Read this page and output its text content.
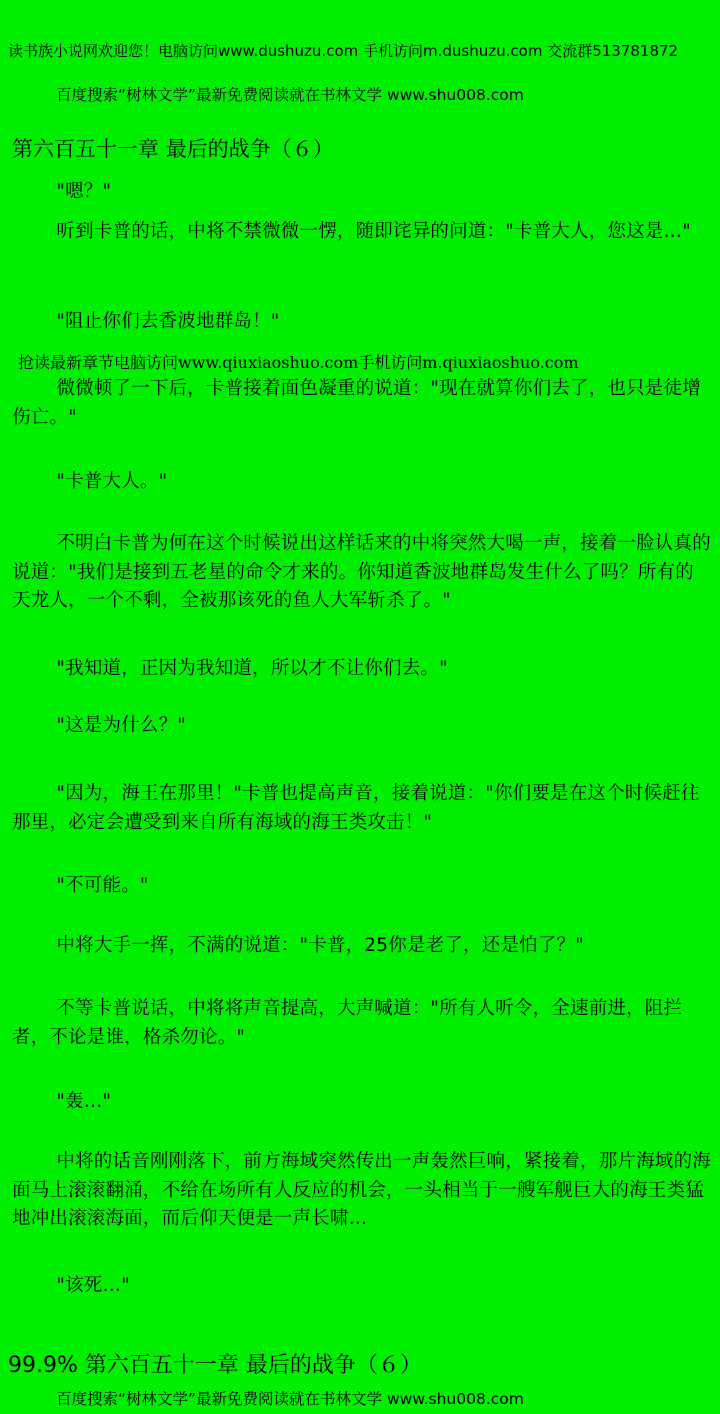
读书族小说网欢迎您！电脑访问www.dushuzu.com 手机访问m.dushuzu.com 交流群513781872
百度搜索“树林文学”最新免费阅读就在书林文学 www.shu008.com
第六百五十一章 最后的战争（６）

"嗯？"

听到卡普的话，中将不禁微微一愣，随即诧异的问道："卡普大人，您这是…"

"阻止你们去香波地群岛！"

抢读最新章节电脑访问www.qiuxiaoshuo.com手机访问m.qiuxiaoshuo.com

微微顿了一下后，卡普接着面色凝重的说道："现在就算你们去了，也只是徒增伤亡。"

"卡普大人。"

不明白卡普为何在这个时候说出这样话来的中将突然大喝一声，接着一脸认真的说道："我们是接到五老星的命令才来的。你知道香波地群岛发生什么了吗？所有的天龙人，一个不剩，全被那该死的鱼人大军斩杀了。"

"我知道，正因为我知道，所以才不让你们去。"

"这是为什么？"

"因为，海王在那里！"卡普也提高声音，接着说道："你们要是在这个时候赶往那里，必定会遭受到来自所有海域的海王类攻击！"

"不可能。"

中将大手一挥，不满的说道："卡普，25你是老了，还是怕了？"

不等卡普说话，中将将声音提高，大声喊道："所有人听令，全速前进，阻拦者，不论是谁，格杀勿论。"

"轰…"

中将的话音刚刚落下，前方海域突然传出一声轰然巨响，紧接着，那片海域的海面马上滚滚翻涌，不给在场所有人反应的机会，一头相当于一艘军舰巨大的海王类猛地冲出滚滚海面，而后仰天便是一声长啸…

"该死…"

99.9% 第六百五十一章 最后的战争（６）
百度搜索“树林文学”最新免费阅读就在书林文学 www.shu008.com
